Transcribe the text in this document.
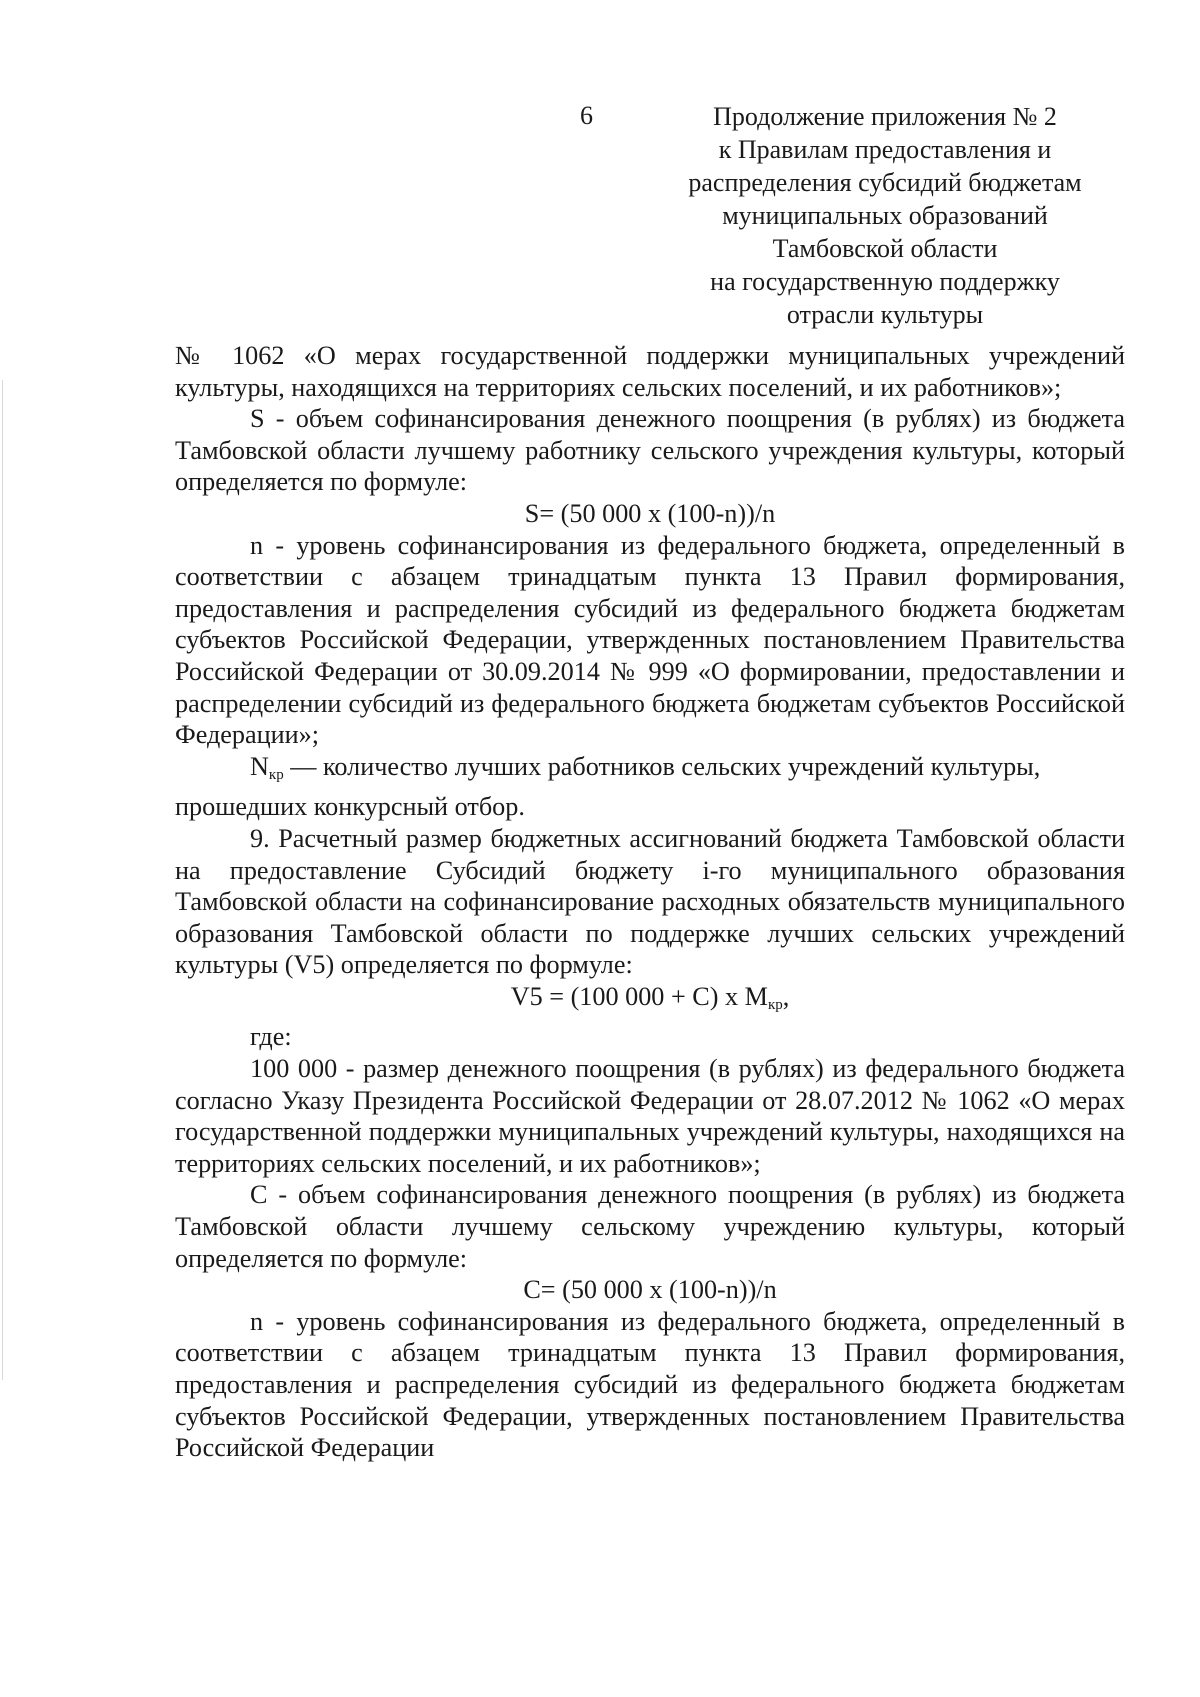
6	Продолжение приложения № 2
к Правилам предоставления и
распределения субсидий бюджетам
муниципальных образований
Тамбовской области
на государственную поддержку
отрасли культуры

№ 1062 «О мерах государственной поддержки муниципальных учреждений культуры, находящихся на территориях сельских поселений, и их работников»;

S - объем софинансирования денежного поощрения (в рублях) из бюджета Тамбовской области лучшему работнику сельского учреждения культуры, который определяется по формуле:

S= (50 000 x (100-n))/n

n - уровень софинансирования из федерального бюджета, определенный в соответствии с абзацем тринадцатым пункта 13 Правил формирования, предоставления и распределения субсидий из федерального бюджета бюджетам субъектов Российской Федерации, утвержденных постановлением Правительства Российской Федерации от 30.09.2014 № 999 «О формировании, предоставлении и распределении субсидий из федерального бюджета бюджетам субъектов Российской Федерации»;

$N_{кр}$ — количество лучших работников сельских учреждений культуры, прошедших конкурсный отбор.

9. Расчетный размер бюджетных ассигнований бюджета Тамбовской области на предоставление Субсидий бюджету i-го муниципального образования Тамбовской области на софинансирование расходных обязательств муниципального образования Тамбовской области по поддержке лучших сельских учреждений культуры (V5) определяется по формуле:

V5 = (100 000 + C) x $M_{кр}$,

где:

100 000 - размер денежного поощрения (в рублях) из федерального бюджета согласно Указу Президента Российской Федерации от 28.07.2012 № 1062 «О мерах государственной поддержки муниципальных учреждений культуры, находящихся на территориях сельских поселений, и их работников»;

C - объем софинансирования денежного поощрения (в рублях) из бюджета Тамбовской области лучшему сельскому учреждению культуры, который определяется по формуле:

C= (50 000 x (100-n))/n

n - уровень софинансирования из федерального бюджета, определенный в соответствии с абзацем тринадцатым пункта 13 Правил формирования, предоставления и распределения субсидий из федерального бюджета бюджетам субъектов Российской Федерации, утвержденных постановлением Правительства Российской Федерации
